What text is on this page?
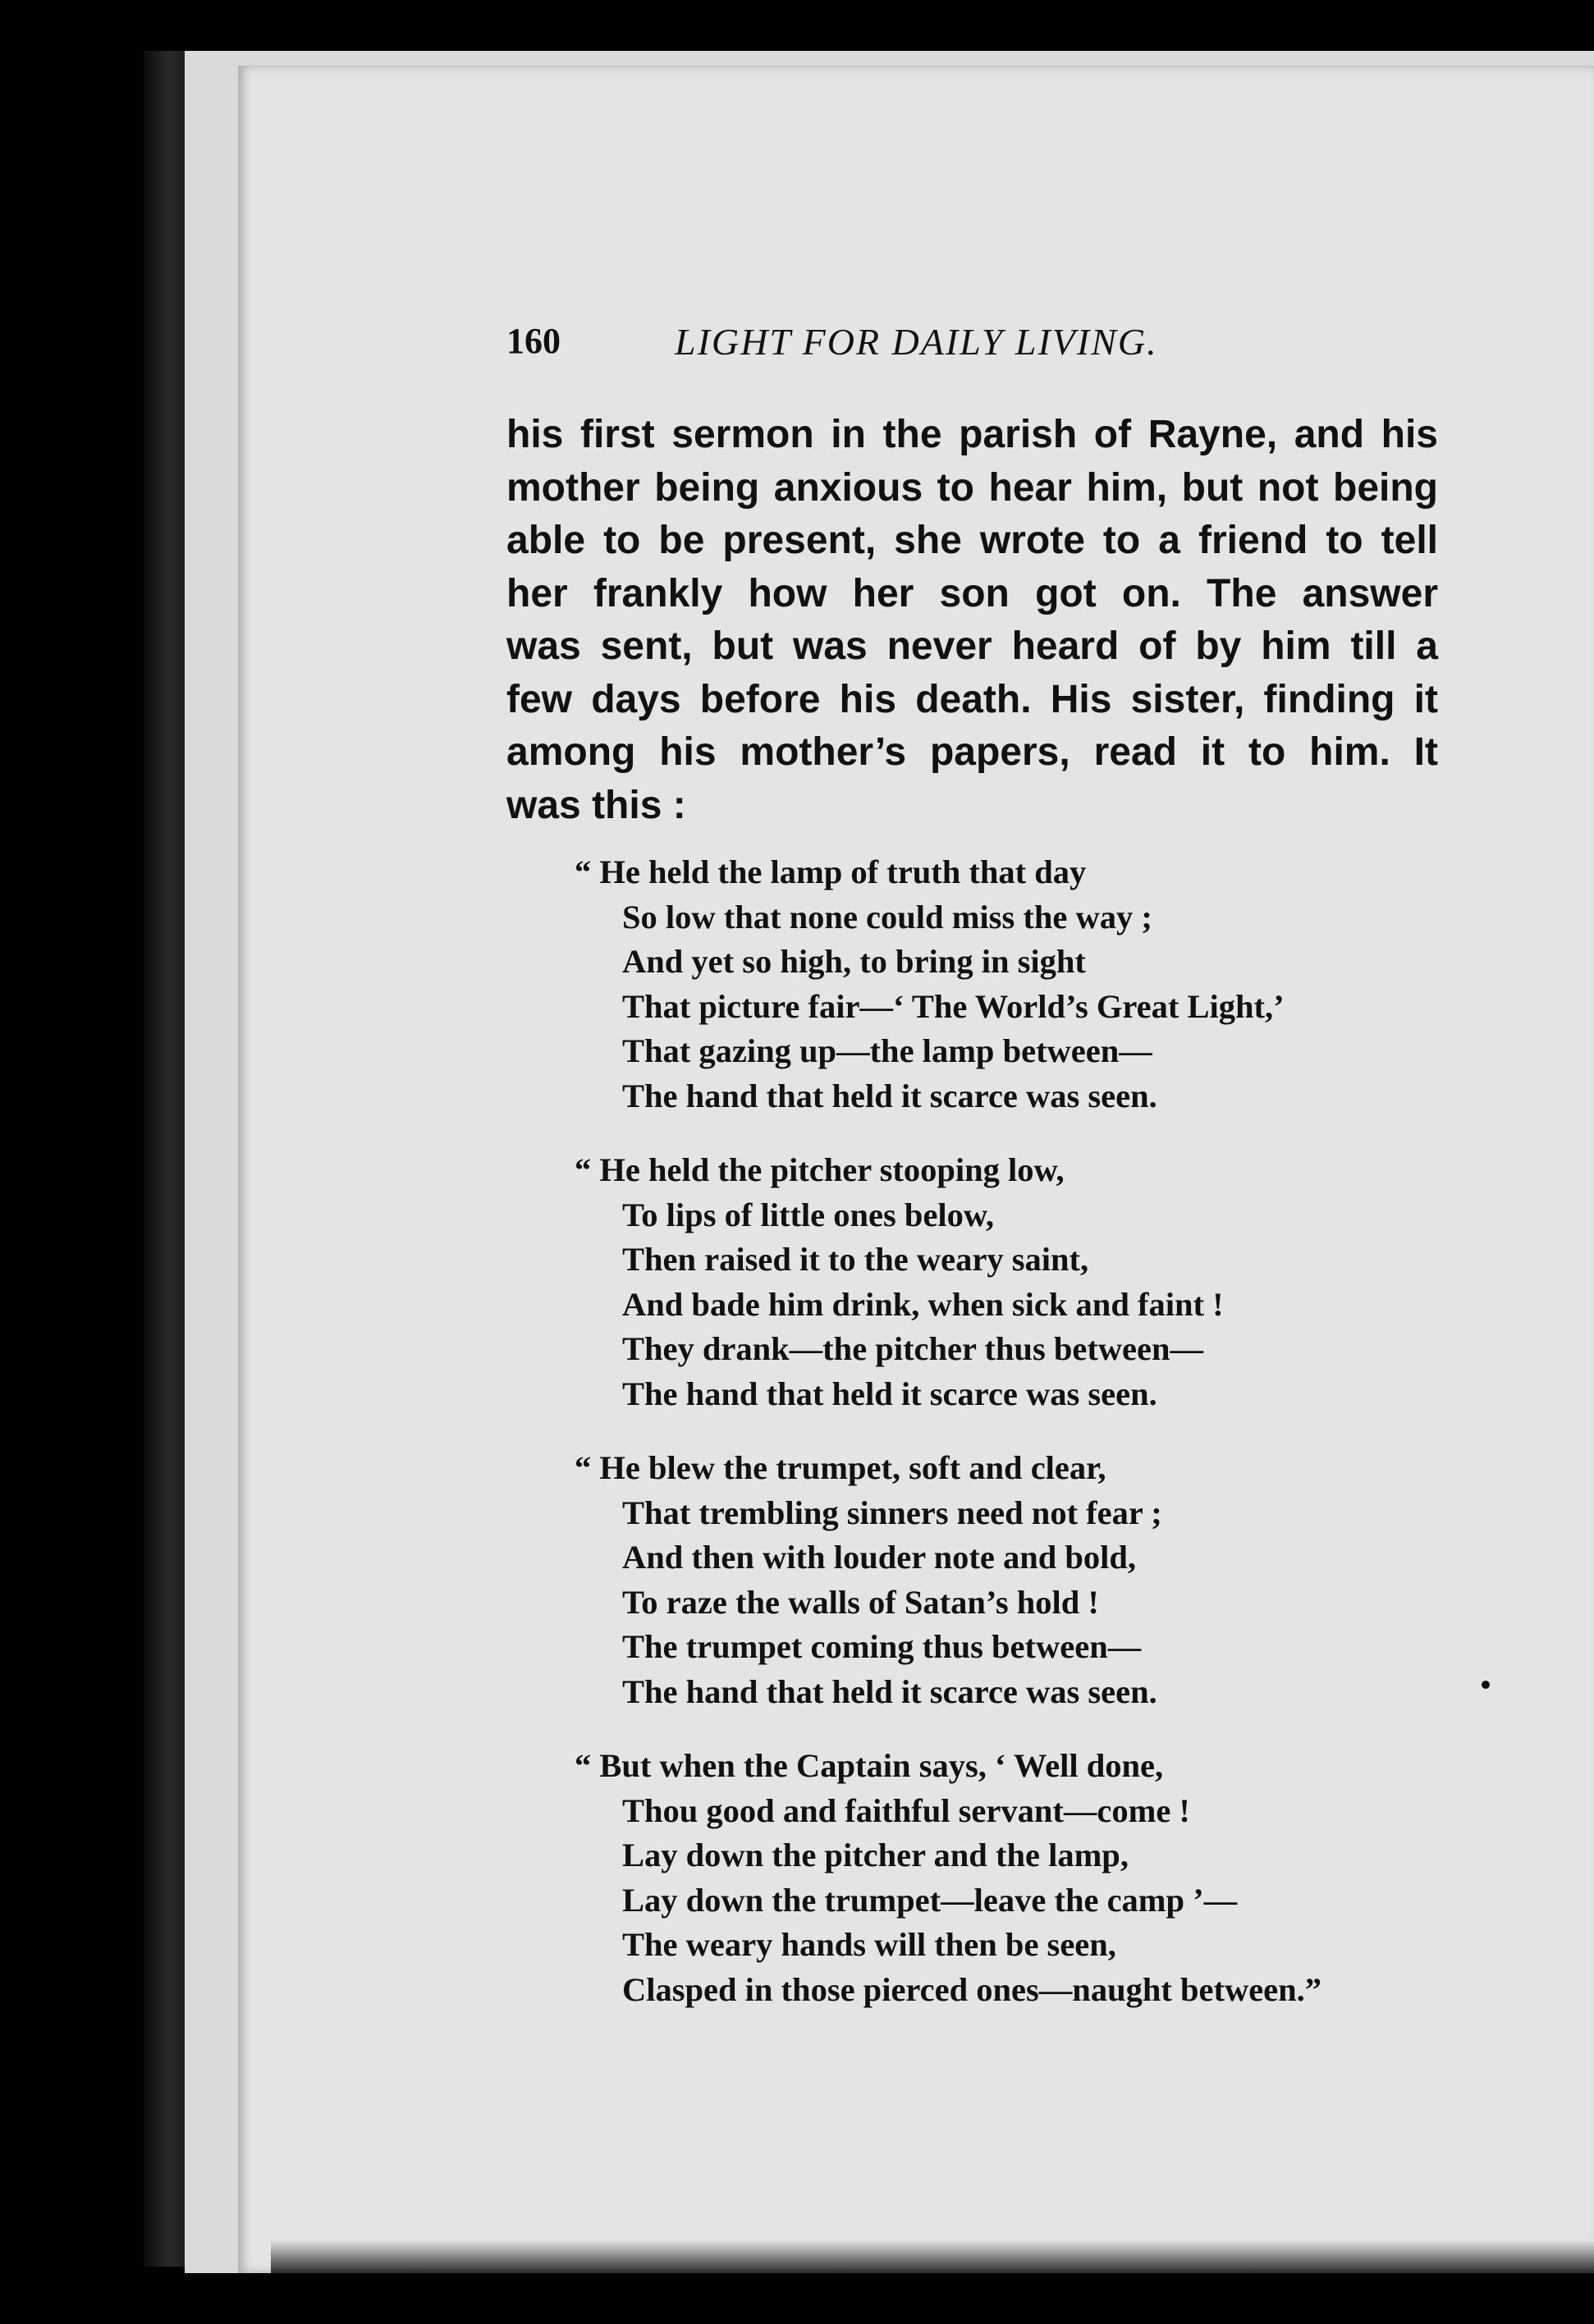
160	LIGHT FOR DAILY LIVING.
his first sermon in the parish of Rayne, and his
mother being anxious to hear him, but not being
able to be present, she wrote to a friend to tell
her frankly how her son got on. The answer
was sent, but was never heard of by him till a
few days before his death. His sister, finding it
among his mother’s papers, read it to him. It
was this :
“ He held the lamp of truth that day
So low that none could miss the way ;
And yet so high, to bring in sight
That picture fair—‘ The World’s Great Light,’
That gazing up—the lamp between—
The hand that held it scarce was seen.
“ He held the pitcher stooping low,
To lips of little ones below,
Then raised it to the weary saint,
And bade him drink, when sick and faint !
They drank—the pitcher thus between—
The hand that held it scarce was seen.
“ He blew the trumpet, soft and clear,
That trembling sinners need not fear ;
And then with louder note and bold,
To raze the walls of Satan’s hold !
The trumpet coming thus between—
The hand that held it scarce was seen.
“ But when the Captain says, ‘ Well done,
Thou good and faithful servant—come !
Lay down the pitcher and the lamp,
Lay down the trumpet—leave the camp ’—
The weary hands will then be seen,
Clasped in those pierced ones—naught between.”
